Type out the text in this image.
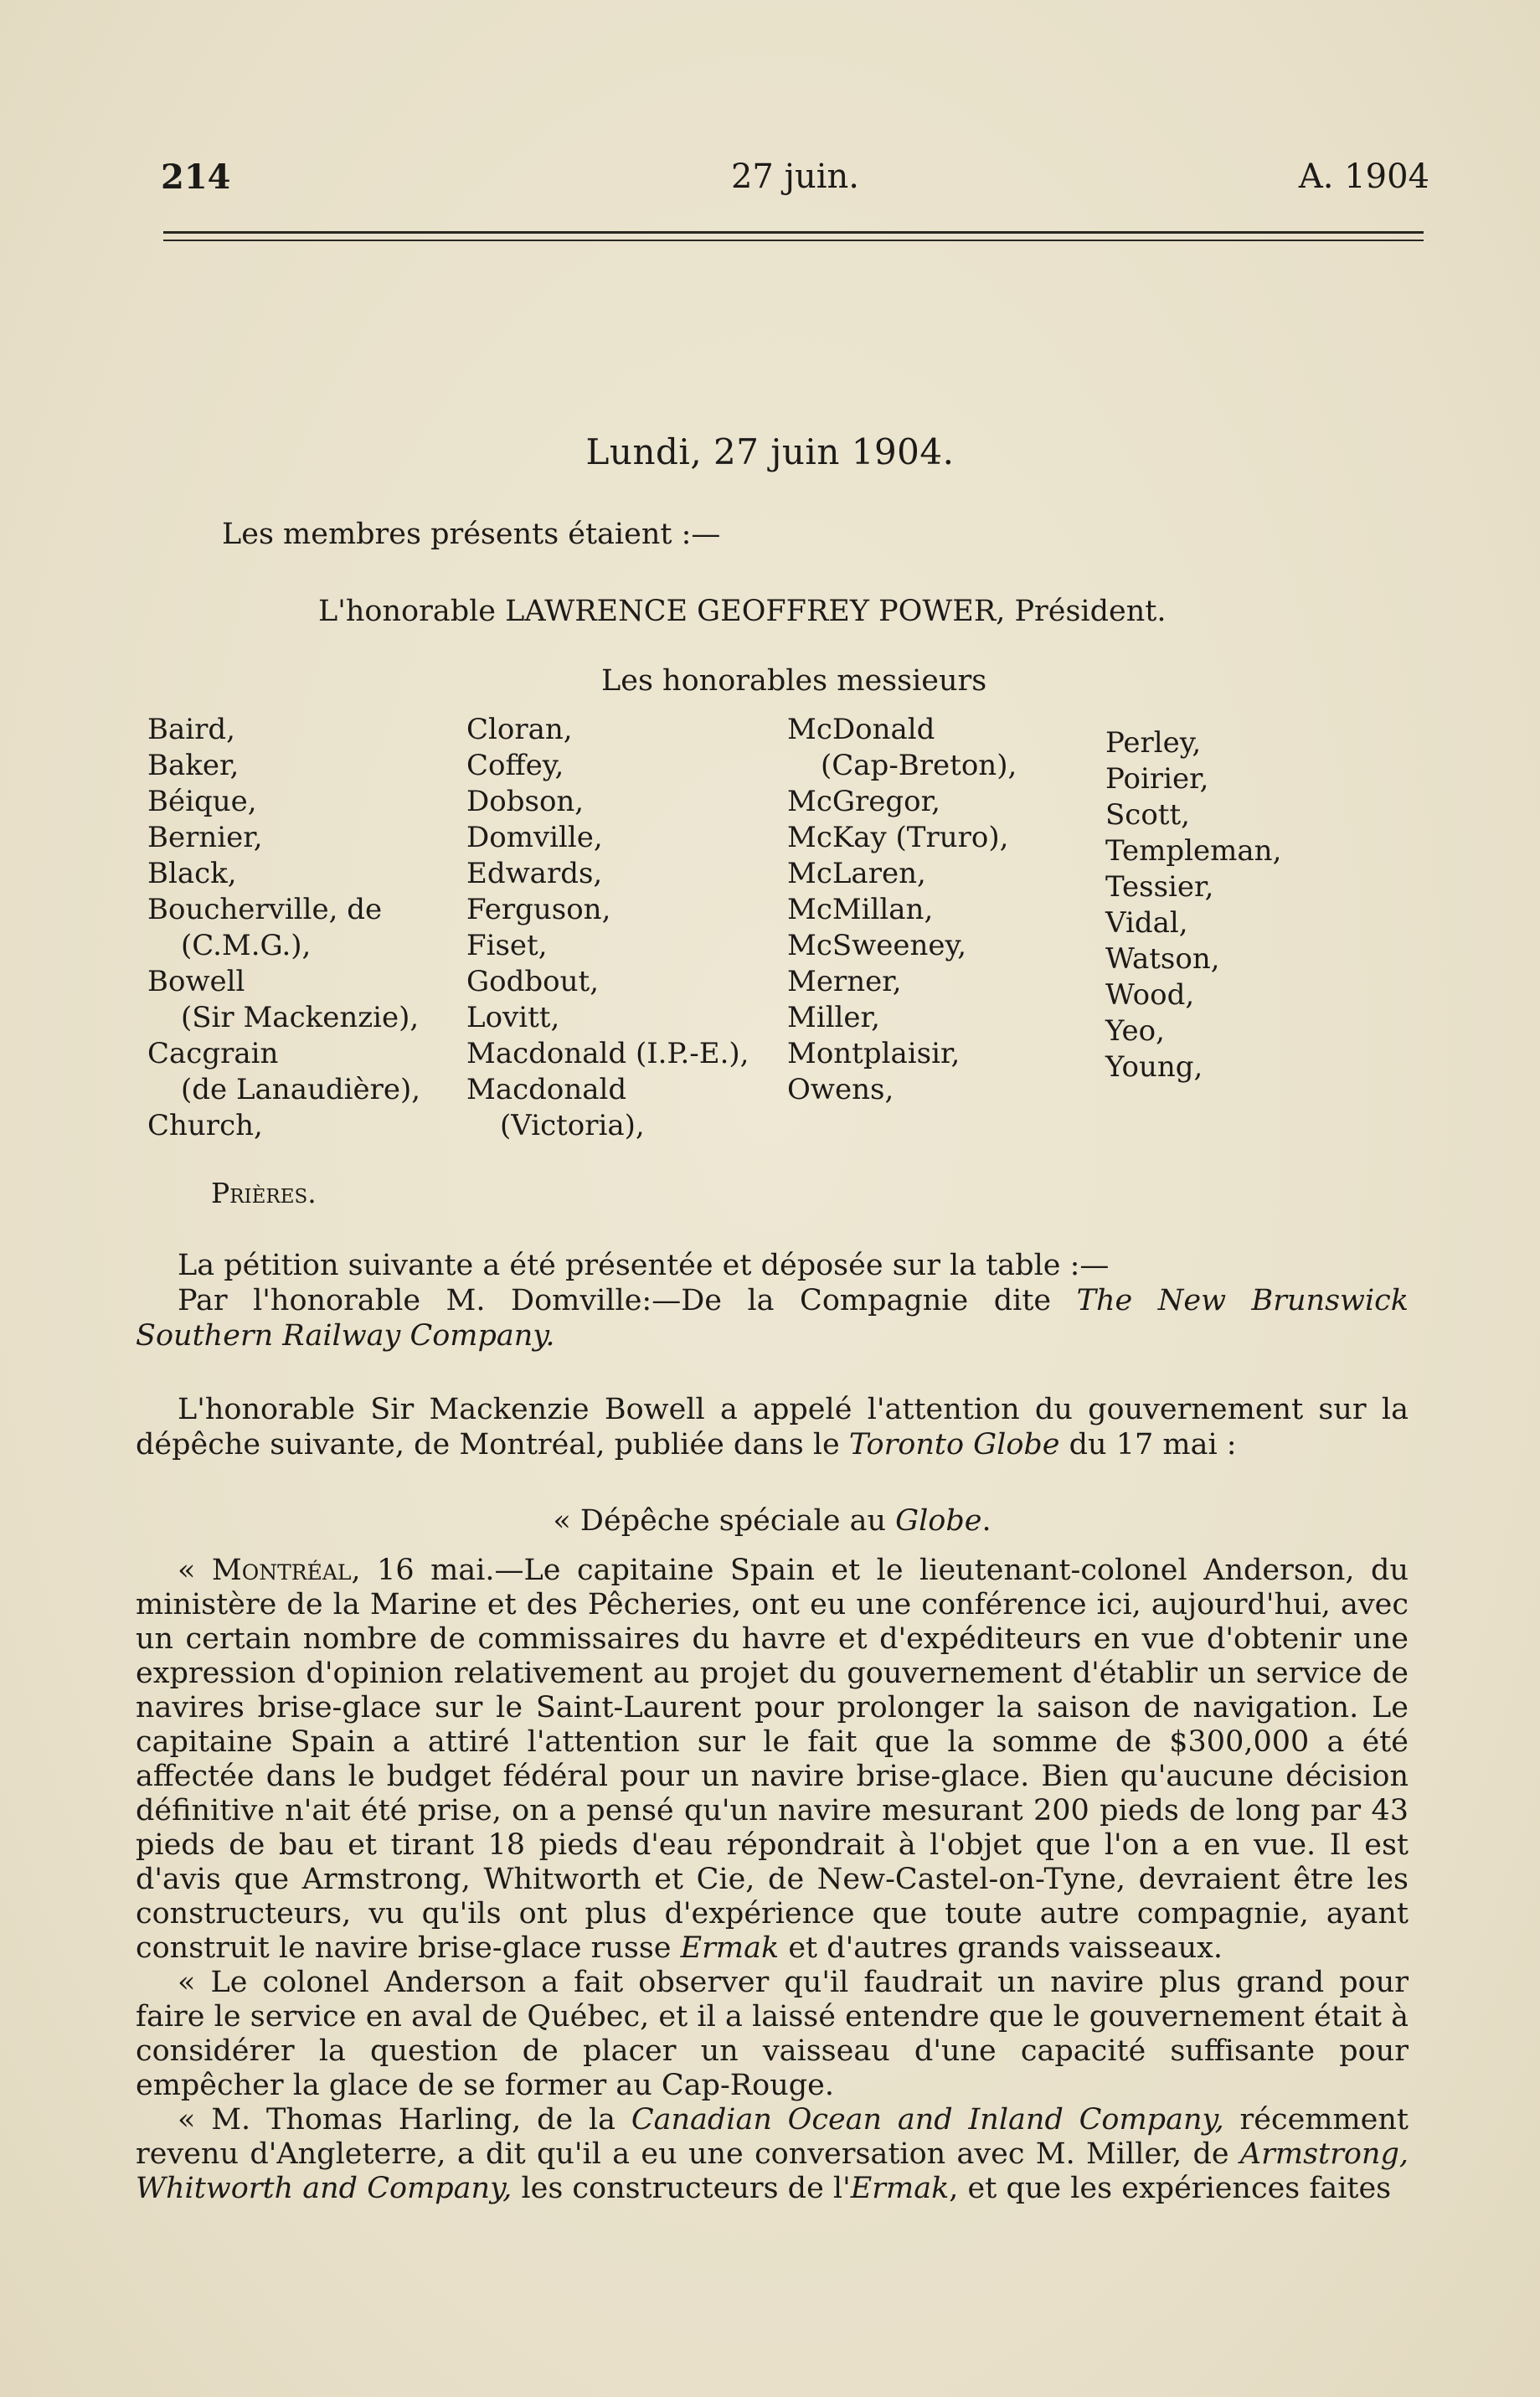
214	27 juin.	A. 1904
Lundi, 27 juin 1904.
Les membres présents étaient :—
L'honorable LAWRENCE GEOFFREY POWER, Président.
Les honorables messieurs
Baird,
Baker,
Béique,
Bernier,
Black,
Boucherville, de
(C.M.G.),
Bowell
(Sir Mackenzie),
Cacgrain
(de Lanaudière),
Church,
Cloran,
Coffey,
Dobson,
Domville,
Edwards,
Ferguson,
Fiset,
Godbout,
Lovitt,
Macdonald (I.P.-E.),
Macdonald
(Victoria),
McDonald
(Cap-Breton),
McGregor,
McKay (Truro),
McLaren,
McMillan,
McSweeney,
Merner,
Miller,
Montplaisir,
Owens,
Perley,
Poirier,
Scott,
Templeman,
Tessier,
Vidal,
Watson,
Wood,
Yeo,
Young,
Prières.

La pétition suivante a été présentée et déposée sur la table :—

Par l'honorable M. Domville:—De la Compagnie dite The New Brunswick Southern Railway Company.

L'honorable Sir Mackenzie Bowell a appelé l'attention du gouvernement sur la dépêche suivante, de Montréal, publiée dans le Toronto Globe du 17 mai :

« Dépêche spéciale au Globe.

« Montréal, 16 mai.—Le capitaine Spain et le lieutenant-colonel Anderson, du ministère de la Marine et des Pêcheries, ont eu une conférence ici, aujourd'hui, avec un certain nombre de commissaires du havre et d'expéditeurs en vue d'obtenir une expression d'opinion relativement au projet du gouvernement d'établir un service de navires brise-glace sur le Saint-Laurent pour prolonger la saison de navigation. Le capitaine Spain a attiré l'attention sur le fait que la somme de $300,000 a été affectée dans le budget fédéral pour un navire brise-glace. Bien qu'aucune décision définitive n'ait été prise, on a pensé qu'un navire mesurant 200 pieds de long par 43 pieds de bau et tirant 18 pieds d'eau répondrait à l'objet que l'on a en vue. Il est d'avis que Armstrong, Whitworth et Cie, de New-Castel-on-Tyne, devraient être les constructeurs, vu qu'ils ont plus d'expérience que toute autre compagnie, ayant construit le navire brise-glace russe Ermak et d'autres grands vaisseaux.

« Le colonel Anderson a fait observer qu'il faudrait un navire plus grand pour faire le service en aval de Québec, et il a laissé entendre que le gouvernement était à considérer la question de placer un vaisseau d'une capacité suffisante pour empêcher la glace de se former au Cap-Rouge.

« M. Thomas Harling, de la Canadian Ocean and Inland Company, récemment revenu d'Angleterre, a dit qu'il a eu une conversation avec M. Miller, de Armstrong, Whitworth and Company, les constructeurs de l'Ermak, et que les expériences faites
